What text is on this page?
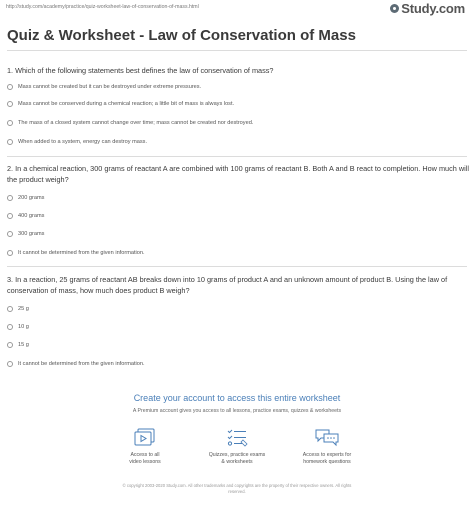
http://study.com/academy/practice/quiz-worksheet-law-of-conservation-of-mass.html	Study.com
Quiz & Worksheet - Law of Conservation of Mass
1. Which of the following statements best defines the law of conservation of mass?
Mass cannot be created but it can be destroyed under extreme pressures.
Mass cannot be conserved during a chemical reaction; a little bit of mass is always lost.
The mass of a closed system cannot change over time; mass cannot be created nor destroyed.
When added to a system, energy can destroy mass.
2. In a chemical reaction, 300 grams of reactant A are combined with 100 grams of reactant B. Both A and B react to completion. How much will the product weigh?
200 grams
400 grams
300 grams
It cannot be determined from the given information.
3. In a reaction, 25 grams of reactant AB breaks down into 10 grams of product A and an unknown amount of product B. Using the law of conservation of mass, how much does product B weigh?
25 g
10 g
15 g
It cannot be determined from the given information.
Create your account to access this entire worksheet
A Premium account gives you access to all lessons, practice exams, quizzes & worksheets
Access to all
video lessons
Quizzes, practice exams
& worksheets
Access to experts for
homework questions
© copyright 2003-2020 Study.com. All other trademarks and copyrights are the property of their respective owners. All rights
reserved.
